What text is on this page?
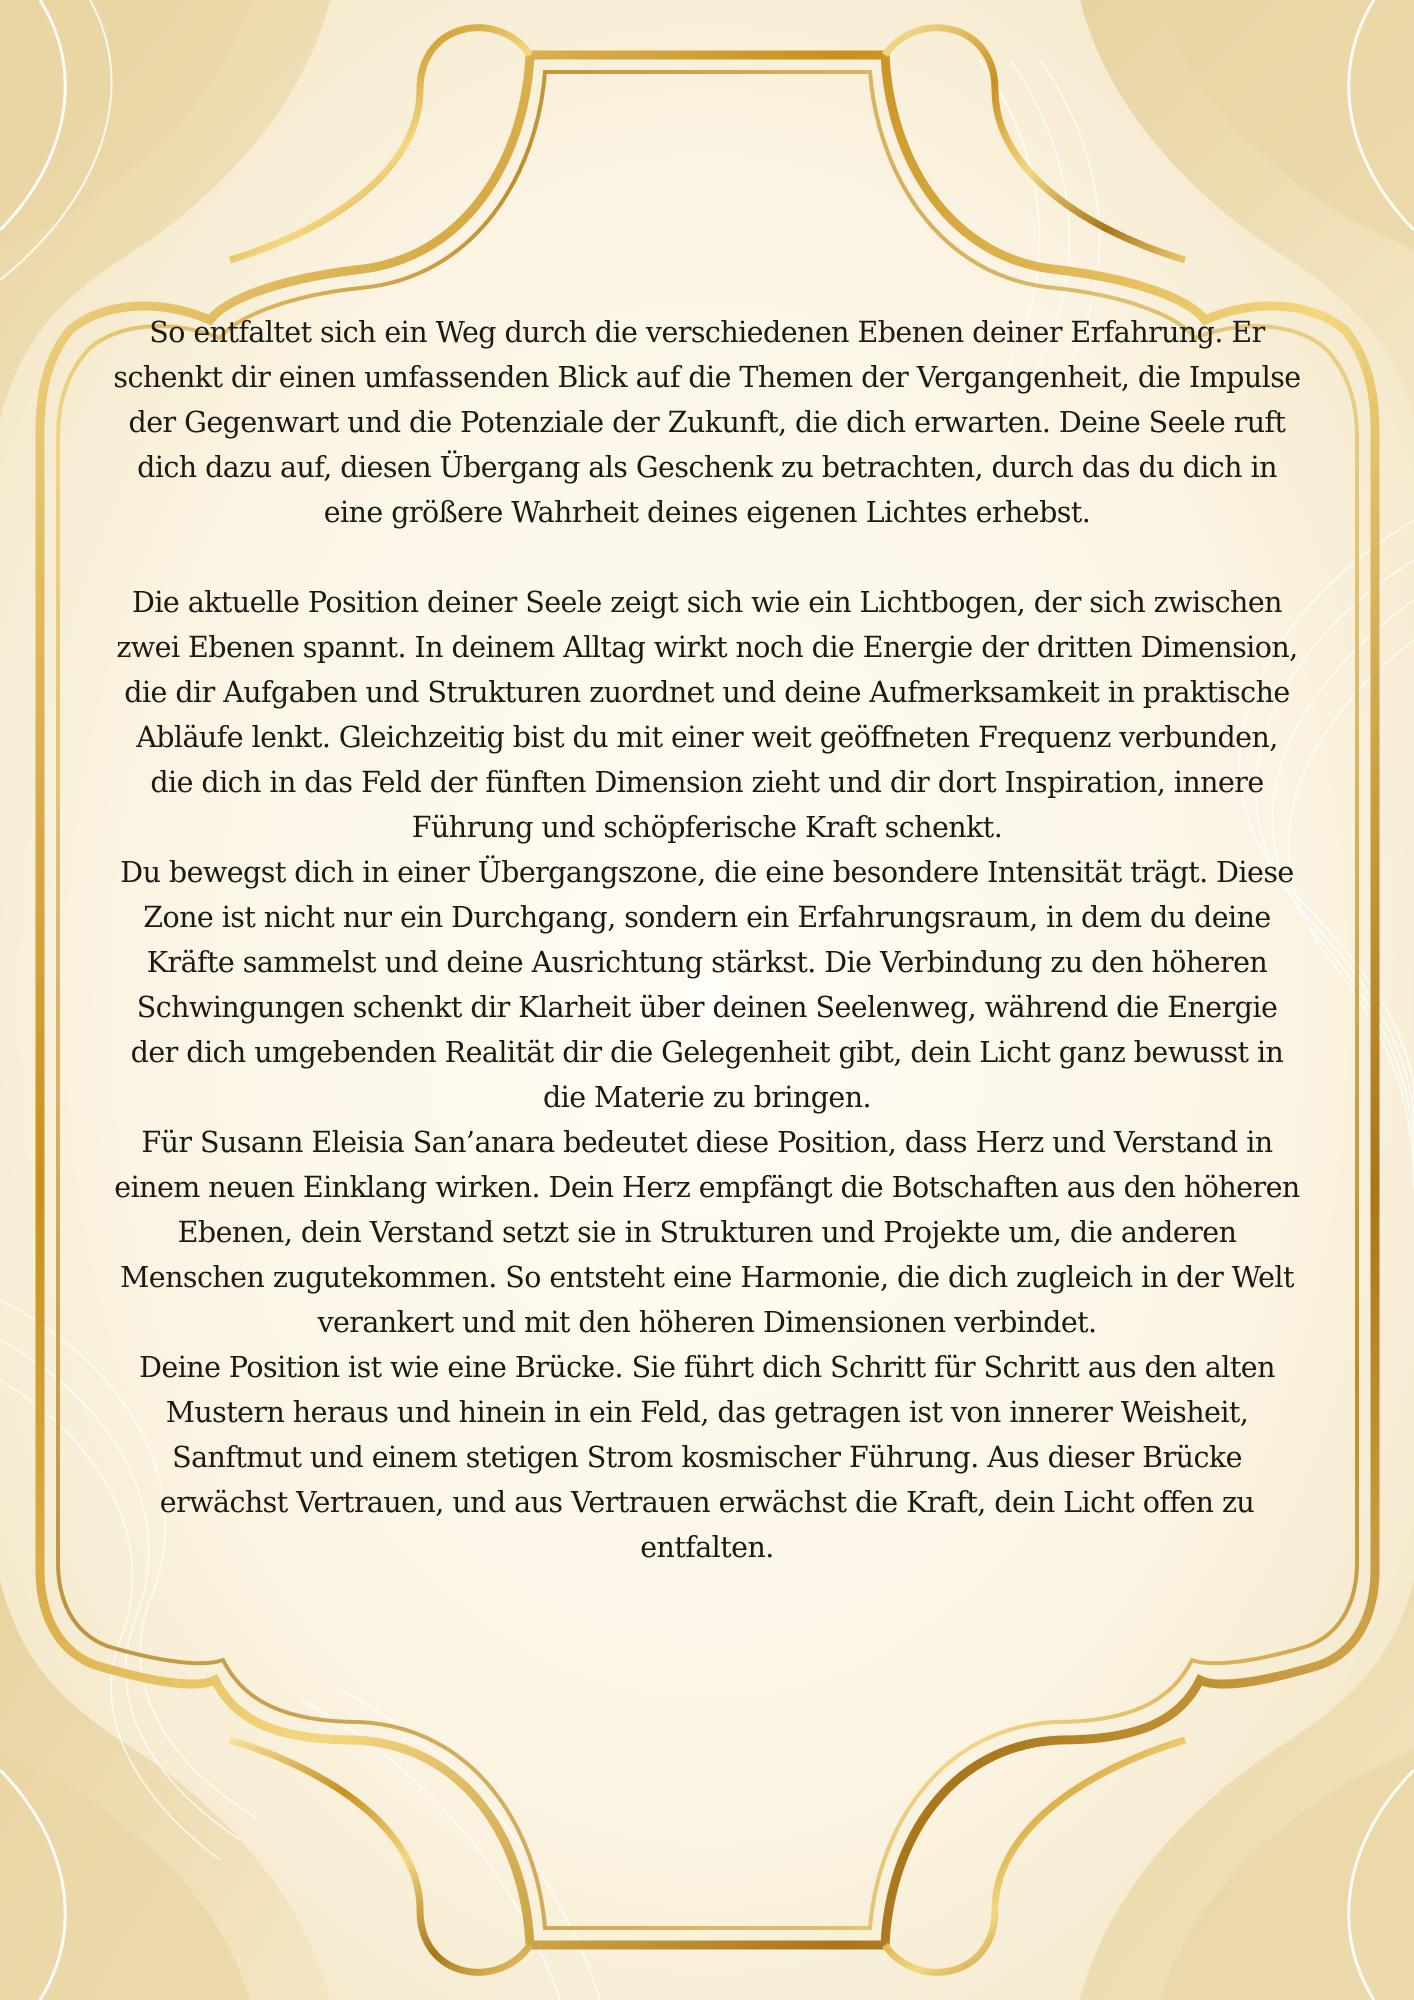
So entfaltet sich ein Weg durch die verschiedenen Ebenen deiner Erfahrung. Er schenkt dir einen umfassenden Blick auf die Themen der Vergangenheit, die Impulse der Gegenwart und die Potenziale der Zukunft, die dich erwarten. Deine Seele ruft dich dazu auf, diesen Übergang als Geschenk zu betrachten, durch das du dich in eine größere Wahrheit deines eigenen Lichtes erhebst.

Die aktuelle Position deiner Seele zeigt sich wie ein Lichtbogen, der sich zwischen zwei Ebenen spannt. In deinem Alltag wirkt noch die Energie der dritten Dimension, die dir Aufgaben und Strukturen zuordnet und deine Aufmerksamkeit in praktische Abläufe lenkt. Gleichzeitig bist du mit einer weit geöffneten Frequenz verbunden, die dich in das Feld der fünften Dimension zieht und dir dort Inspiration, innere Führung und schöpferische Kraft schenkt.

Du bewegst dich in einer Übergangszone, die eine besondere Intensität trägt. Diese Zone ist nicht nur ein Durchgang, sondern ein Erfahrungsraum, in dem du deine Kräfte sammelst und deine Ausrichtung stärkst. Die Verbindung zu den höheren Schwingungen schenkt dir Klarheit über deinen Seelenweg, während die Energie der dich umgebenden Realität dir die Gelegenheit gibt, dein Licht ganz bewusst in die Materie zu bringen.

Für Susann Eleisia San’anara bedeutet diese Position, dass Herz und Verstand in einem neuen Einklang wirken. Dein Herz empfängt die Botschaften aus den höheren Ebenen, dein Verstand setzt sie in Strukturen und Projekte um, die anderen Menschen zugutekommen. So entsteht eine Harmonie, die dich zugleich in der Welt verankert und mit den höheren Dimensionen verbindet.

Deine Position ist wie eine Brücke. Sie führt dich Schritt für Schritt aus den alten Mustern heraus und hinein in ein Feld, das getragen ist von innerer Weisheit, Sanftmut und einem stetigen Strom kosmischer Führung. Aus dieser Brücke erwächst Vertrauen, und aus Vertrauen erwächst die Kraft, dein Licht offen zu entfalten.
